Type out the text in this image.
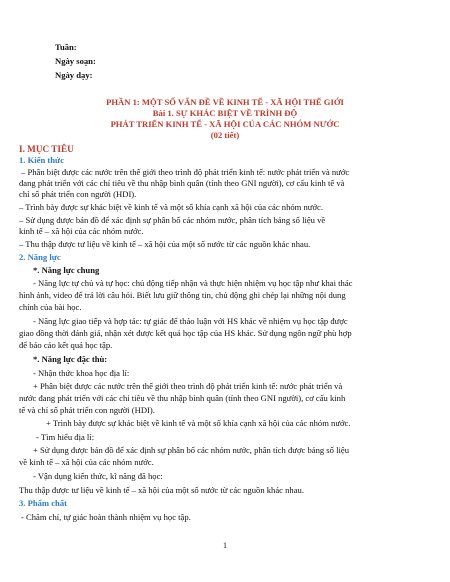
Tuần:
Ngày soạn:
Ngày dạy:
PHẦN 1: MỘT SỐ VẤN ĐỀ VỀ KINH TẾ - XÃ HỘI THẾ GIỚI
Bài 1. SỰ KHÁC BIỆT VỀ TRÌNH ĐỘ
PHÁT TRIỂN KINH TẾ - XÃ HỘI CỦA CÁC NHÓM NƯỚC
(02 tiết)
I. MỤC TIÊU
1. Kiến thức
– Phân biệt được các nước trên thế giới theo trình độ phát triển kinh tế: nước phát triển và nước
đang phát triển với các chỉ tiêu về thu nhập bình quân (tính theo GNI người), cơ cấu kinh tế và
chỉ số phát triển con người (HDI).
– Trình bày được sự khác biệt về kinh tế và một số khía cạnh xã hội của các nhóm nước.
– Sử dụng được bản đồ để xác định sự phân bố các nhóm nước, phân tích bảng số liệu về
kinh tế – xã hội của các nhóm nước.
– Thu thập được tư liệu về kinh tế – xã hội của một số nước từ các nguồn khác nhau.
2. Năng lực
*. Năng lực chung
- Năng lực tự chủ và tự học: chủ động tiếp nhận và thực hiện nhiệm vụ học tập như khai thác
hình ảnh, video để trả lời câu hỏi. Biết lưu giữ thông tin, chủ động ghi chép lại những nội dung
chính của bài học.
- Năng lực giao tiếp và hợp tác: tự giác để thảo luận với HS khác về nhiệm vụ học tập được
giao đồng thời đánh giá, nhận xét được kết quả học tập của HS khác. Sử dụng ngôn ngữ phù hợp
để báo cáo kết quả học tập.
*. Năng lực đặc thù:
- Nhận thức khoa học địa lí:
+ Phân biệt được các nước trên thế giới theo trình độ phát triển kinh tế: nước phát triển và
nước đang phát triển với các chỉ tiêu về thu nhập bình quân (tính theo GNI người), cơ cấu kinh
tế và chỉ số phát triển con người (HDI).
+ Trình bày được sự khác biệt về kinh tế và một số khía cạnh xã hội của các nhóm nước.
- Tìm hiểu địa lí:
+ Sử dụng được bản đồ để xác định sự phân bố các nhóm nước, phân tích được bảng số liệu
về kinh tế – xã hội của các nhóm nước.
- Vận dụng kiến thức, kĩ năng đã học:
Thu thập được tư liệu về kinh tế – xã hội của một số nước từ các nguồn khác nhau.
3. Phẩm chất
- Chăm chỉ, tự giác hoàn thành nhiệm vụ học tập.
1
